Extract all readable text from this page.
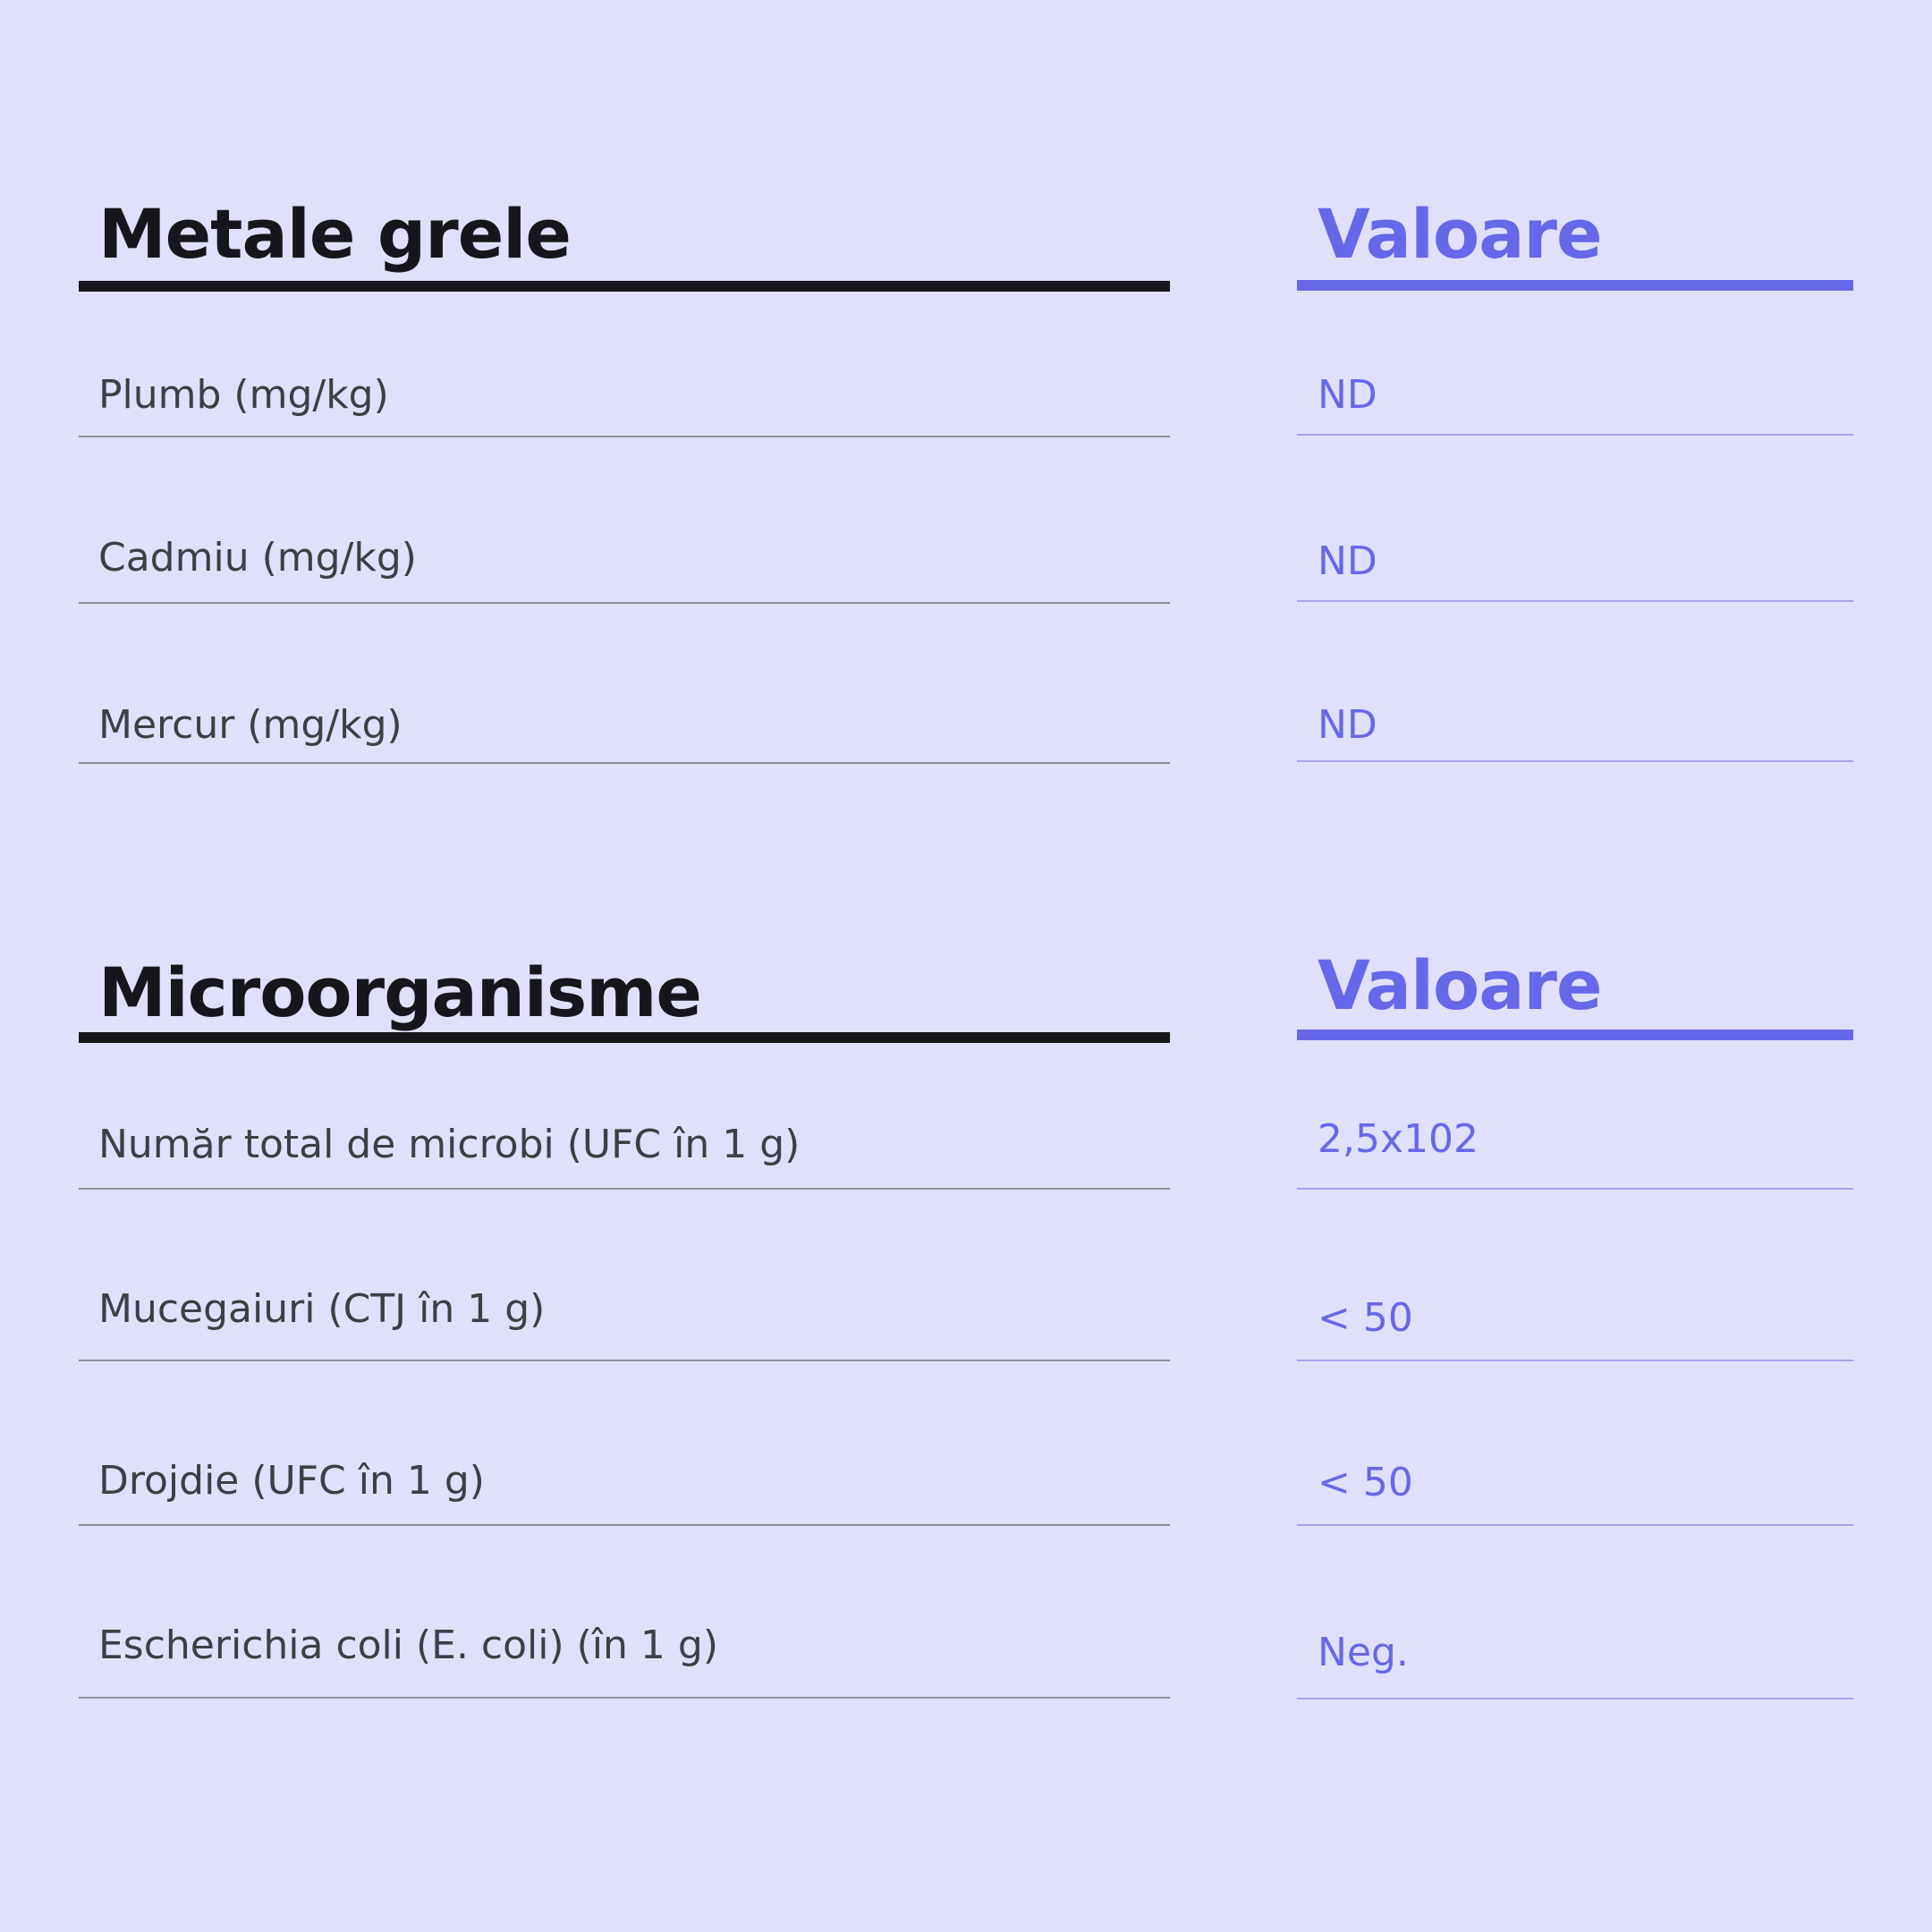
Metale grele	Valoare
Plumb (mg/kg)	ND
Cadmiu (mg/kg)	ND
Mercur (mg/kg)	ND
Microorganisme	Valoare
Număr total de microbi (UFC în 1 g)	2,5x102
Mucegaiuri (CTJ în 1 g)	< 50
Drojdie (UFC în 1 g)	< 50
Escherichia coli (E. coli) (în 1 g)	Neg.
